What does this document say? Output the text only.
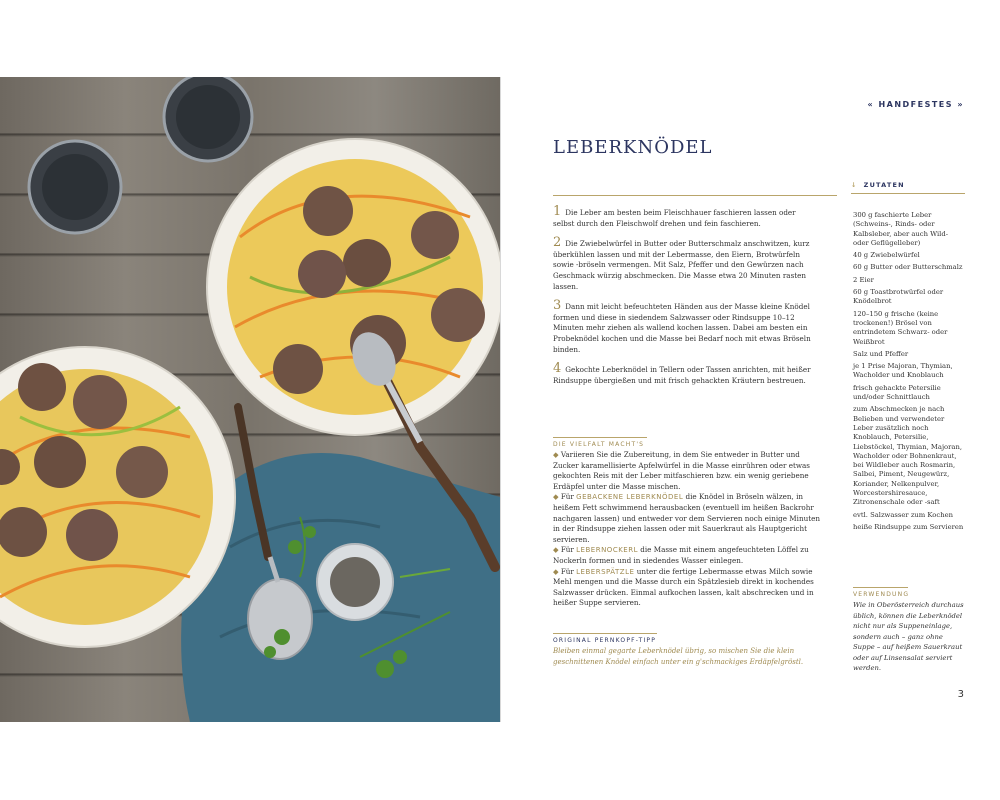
« HANDFESTES »
LEBERKNÖDEL
↓ ZUTATEN
1 Die Leber am besten beim Fleischhauer faschieren lassen oder selbst durch den Fleischwolf drehen und fein faschieren.
2 Die Zwiebelwürfel in Butter oder Butterschmalz anschwitzen, kurz überkühlen lassen und mit der Lebermasse, den Eiern, Brotwürfeln sowie -bröseln vermengen. Mit Salz, Pfeffer und den Gewürzen nach Geschmack würzig abschmecken. Die Masse etwa 20 Minuten rasten lassen.
3 Dann mit leicht befeuchteten Händen aus der Masse kleine Knödel formen und diese in siedendem Salzwasser oder Rindsuppe 10–12 Minuten mehr ziehen als wallend kochen lassen. Dabei am besten ein Probeknödel kochen und die Masse bei Bedarf noch mit etwas Bröseln binden.
4 Gekochte Leberknödel in Tellern oder Tassen anrichten, mit heißer Rindsuppe übergießen und mit frisch gehackten Kräutern bestreuen.
DIE VIELFALT MACHT'S
◆ Variieren Sie die Zubereitung, in dem Sie entweder in Butter und Zucker karamellisierte Apfelwürfel in die Masse einrühren oder etwas gekochten Reis mit der Leber mitfaschieren bzw. ein wenig geriebene Erdäpfel unter die Masse mischen.
◆ Für GEBACKENE LEBERKNÖDEL die Knödel in Bröseln wälzen, in heißem Fett schwimmend herausbacken (eventuell im heißen Backrohr nachgaren lassen) und entweder vor dem Servieren noch einige Minuten in der Rindsuppe ziehen lassen oder mit Sauerkraut als Hauptgericht servieren.
◆ Für LEBERNOCKERL die Masse mit einem angefeuchteten Löffel zu Nockerln formen und in siedendes Wasser einlegen.
◆ Für LEBERSPÄTZLE unter die fertige Lebermasse etwas Milch sowie Mehl mengen und die Masse durch ein Spätzlesieb direkt in kochendes Salzwasser drücken. Einmal aufkochen lassen, kalt abschrecken und in heißer Suppe servieren.
ORIGINAL PERNKOPF-TIPP
Bleiben einmal gegarte Leberknödel übrig, so mischen Sie die klein geschnittenen Knödel einfach unter ein g'schmackiges Erdäpfelgröstl.
300 g faschierte Leber (Schweins-, Rinds- oder Kalbsleber, aber auch Wild- oder Geflügelleber)
40 g Zwiebelwürfel
60 g Butter oder Butterschmalz
2 Eier
60 g Toastbrotwürfel oder Knödelbrot
120–150 g frische (keine trockenen!) Brösel von entrindetem Schwarz- oder Weißbrot
Salz und Pfeffer
je 1 Prise Majoran, Thymian, Wacholder und Knoblauch
frisch gehackte Petersilie und/oder Schnittlauch
zum Abschmecken je nach Belieben und verwendeter Leber zusätzlich noch Knoblauch, Petersilie, Liebstöckel, Thymian, Majoran, Wacholder oder Bohnenkraut, bei Wildleber auch Rosmarin, Salbei, Piment, Neugewürz, Koriander, Nelkenpulver, Worcestershiresauce, Zitronenschale oder -saft
evtl. Salzwasser zum Kochen
heiße Rindsuppe zum Servieren
VERWENDUNG
Wie in Oberösterreich durchaus üblich, können die Leberknödel nicht nur als Suppeneinlage, sondern auch – ganz ohne Suppe – auf heißem Sauerkraut oder auf Linsensalat serviert werden.
3
